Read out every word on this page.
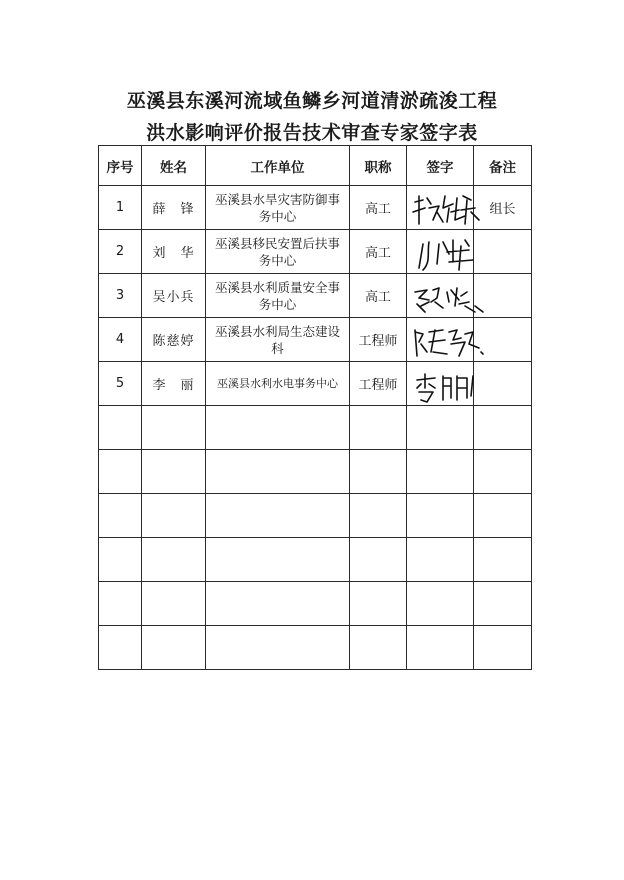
巫溪县东溪河流域鱼鳞乡河道清淤疏浚工程
洪水影响评价报告技术审查专家签字表
序号	姓名	工作单位	职称	签字	备注
1	薛　锋	巫溪县水旱灾害防御事务中心	高工		组长
2	刘　华	巫溪县移民安置后扶事务中心	高工	

3	吴小兵	巫溪县水利质量安全事务中心	高工	

4	陈慈婷	巫溪县水利局生态建设科	工程师	

5	李　丽	巫溪县水利水电事务中心	工程师	
